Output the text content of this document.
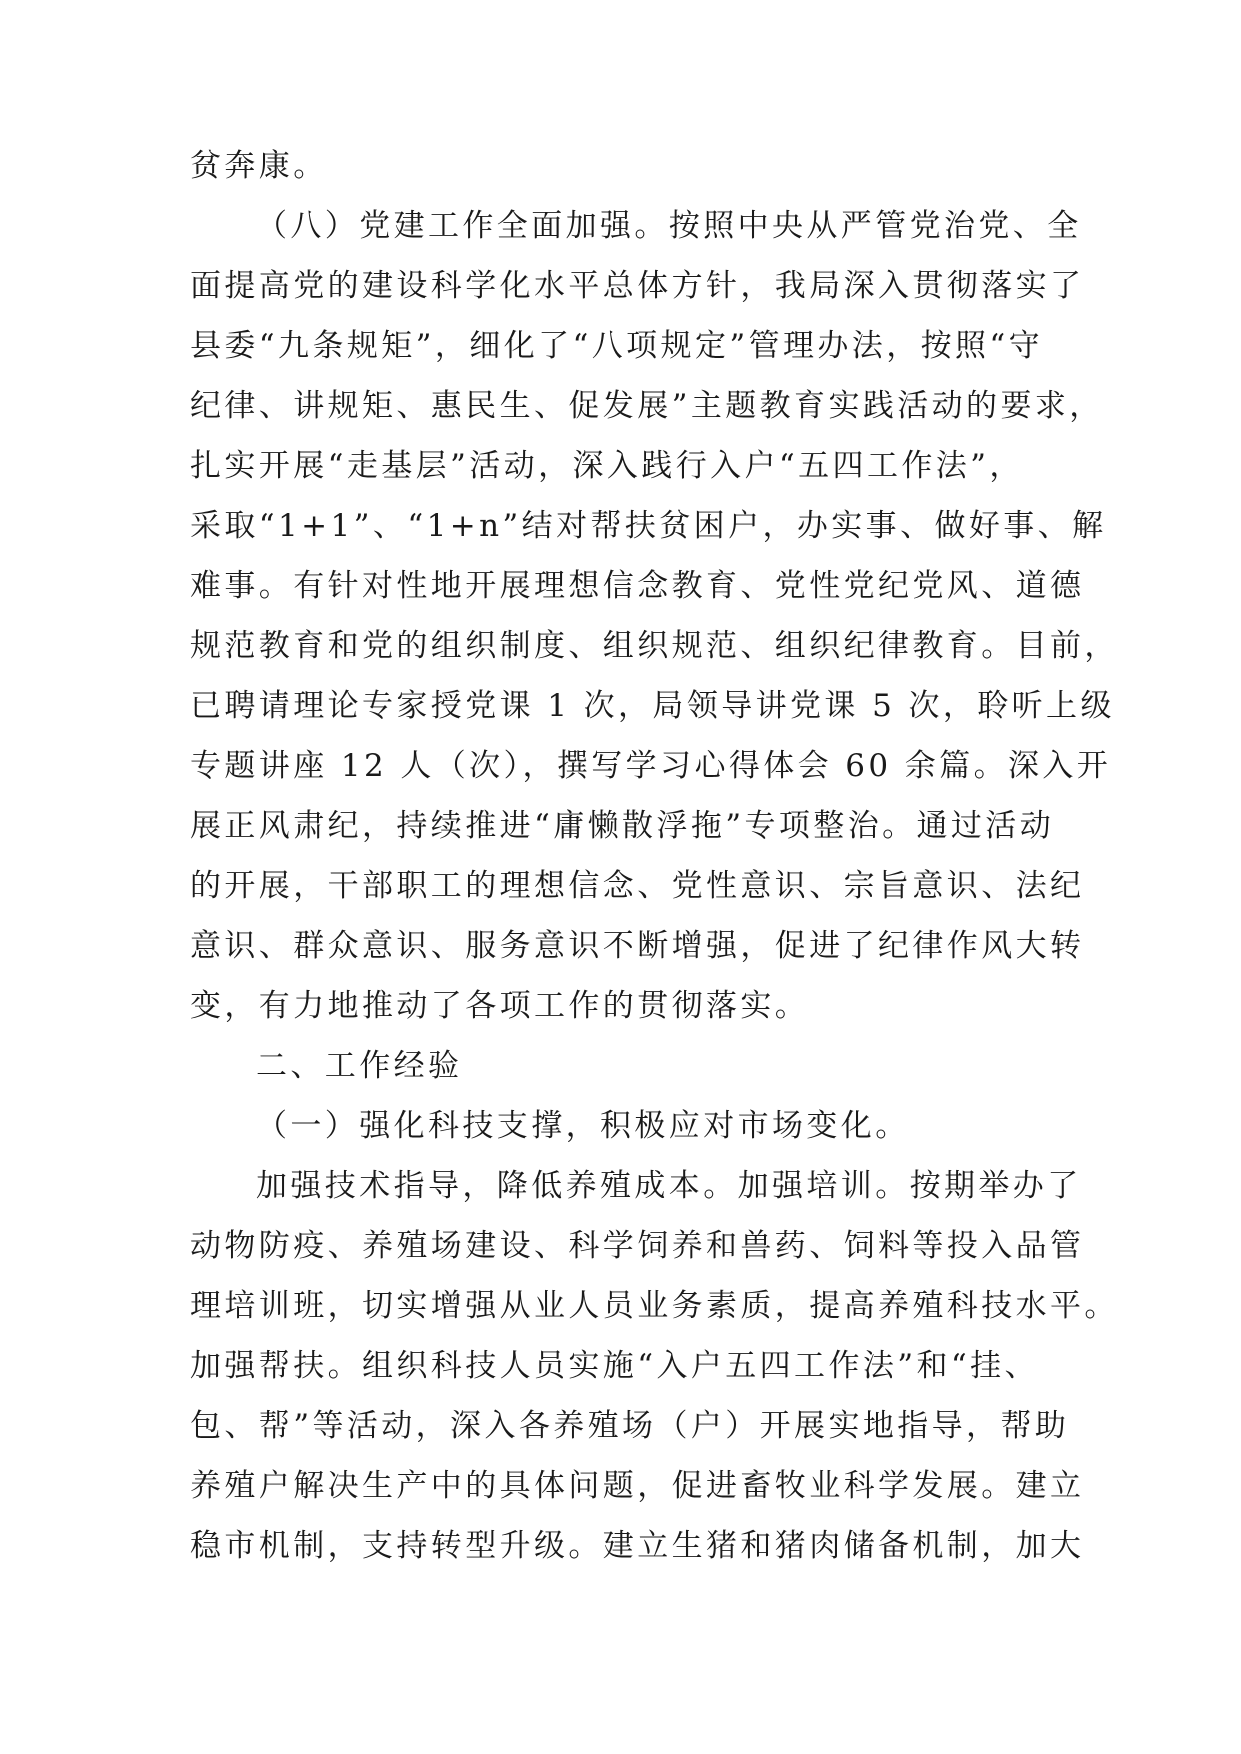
贫奔康。
（八）党建工作全面加强。按照中央从严管党治党、全
面提高党的建设科学化水平总体方针，我局深入贯彻落实了
县委“九条规矩”，细化了“八项规定”管理办法，按照“守
纪律、讲规矩、惠民生、促发展”主题教育实践活动的要求，
扎实开展“走基层”活动，深入践行入户“五四工作法”，
采取“1+1”、“1+n”结对帮扶贫困户，办实事、做好事、解
难事。有针对性地开展理想信念教育、党性党纪党风、道德
规范教育和党的组织制度、组织规范、组织纪律教育。目前，
已聘请理论专家授党课 1 次，局领导讲党课 5 次，聆听上级
专题讲座 12 人（次），撰写学习心得体会 60 余篇。深入开
展正风肃纪，持续推进“庸懒散浮拖”专项整治。通过活动
的开展，干部职工的理想信念、党性意识、宗旨意识、法纪
意识、群众意识、服务意识不断增强，促进了纪律作风大转
变，有力地推动了各项工作的贯彻落实。
二、工作经验
（一）强化科技支撑，积极应对市场变化。
加强技术指导，降低养殖成本。加强培训。按期举办了
动物防疫、养殖场建设、科学饲养和兽药、饲料等投入品管
理培训班，切实增强从业人员业务素质，提高养殖科技水平。
加强帮扶。组织科技人员实施“入户五四工作法”和“挂、
包、帮”等活动，深入各养殖场（户）开展实地指导，帮助
养殖户解决生产中的具体问题，促进畜牧业科学发展。建立
稳市机制，支持转型升级。建立生猪和猪肉储备机制，加大
